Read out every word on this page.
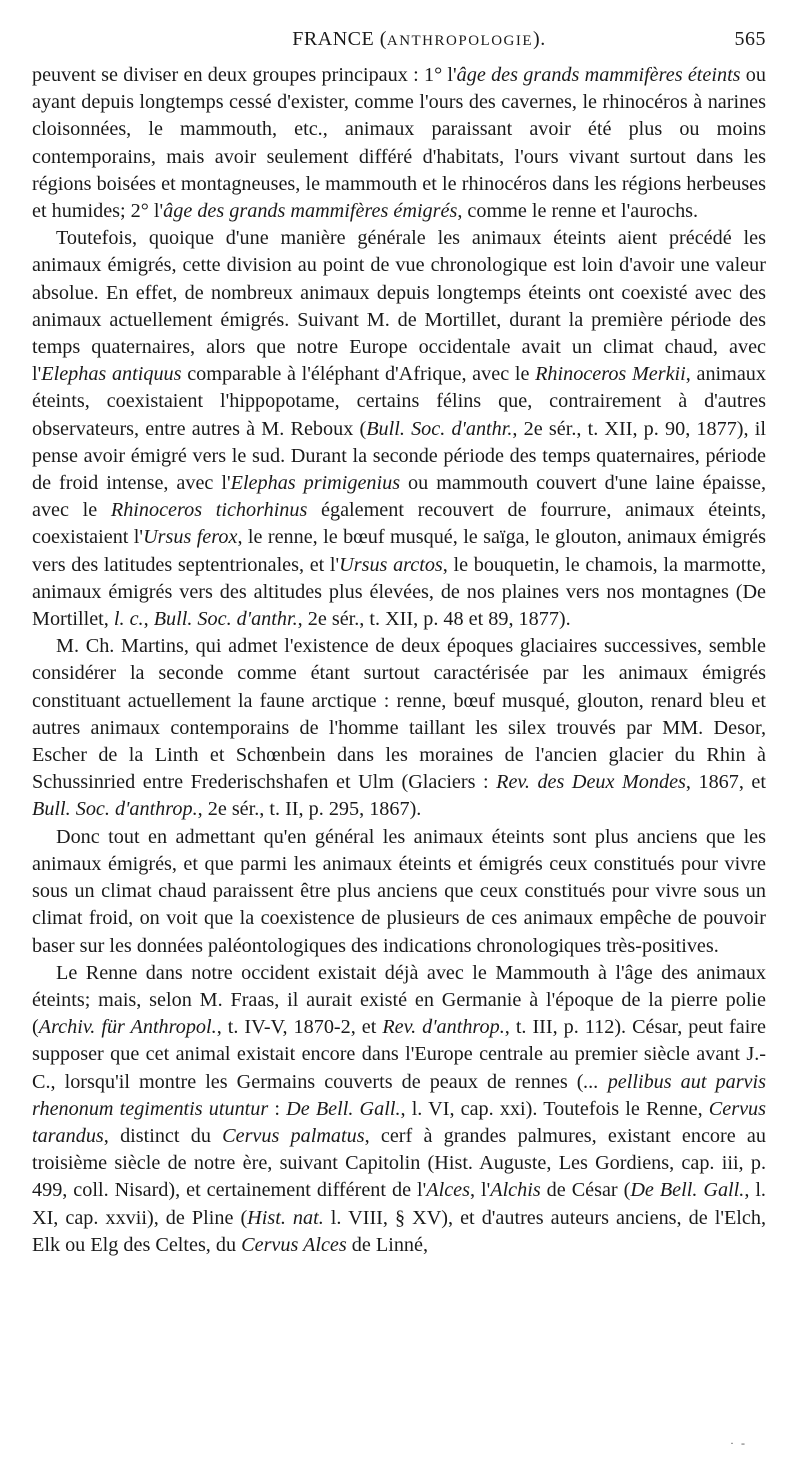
FRANCE (ANTHROPOLOGIE).	565

peuvent se diviser en deux groupes principaux : 1° l'âge des grands mammifères éteints ou ayant depuis longtemps cessé d'exister, comme l'ours des cavernes, le rhinocéros à narines cloisonnées, le mammouth, etc., animaux paraissant avoir été plus ou moins contemporains, mais avoir seulement différé d'habitats, l'ours vivant surtout dans les régions boisées et montagneuses, le mammouth et le rhinocéros dans les régions herbeuses et humides; 2° l'âge des grands mammifères émigrés, comme le renne et l'aurochs.

Toutefois, quoique d'une manière générale les animaux éteints aient précédé les animaux émigrés, cette division au point de vue chronologique est loin d'avoir une valeur absolue. En effet, de nombreux animaux depuis longtemps éteints ont coexisté avec des animaux actuellement émigrés. Suivant M. de Mortillet, durant la première période des temps quaternaires, alors que notre Europe occidentale avait un climat chaud, avec l'Elephas antiquus comparable à l'éléphant d'Afrique, avec le Rhinoceros Merkii, animaux éteints, coexistaient l'hippopotame, certains félins que, contrairement à d'autres observateurs, entre autres à M. Reboux (Bull. Soc. d'anthr., 2e sér., t. XII, p. 90, 1877), il pense avoir émigré vers le sud. Durant la seconde période des temps quaternaires, période de froid intense, avec l'Elephas primigenius ou mammouth couvert d'une laine épaisse, avec le Rhinoceros tichorhinus également recouvert de fourrure, animaux éteints, coexistaient l'Ursus ferox, le renne, le bœuf musqué, le saïga, le glouton, animaux émigrés vers des latitudes septentrionales, et l'Ursus arctos, le bouquetin, le chamois, la marmotte, animaux émigrés vers des altitudes plus élevées, de nos plaines vers nos montagnes (De Mortillet, l. c., Bull. Soc. d'anthr., 2e sér., t. XII, p. 48 et 89, 1877).

M. Ch. Martins, qui admet l'existence de deux époques glaciaires successives, semble considérer la seconde comme étant surtout caractérisée par les animaux émigrés constituant actuellement la faune arctique : renne, bœuf musqué, glouton, renard bleu et autres animaux contemporains de l'homme taillant les silex trouvés par MM. Desor, Escher de la Linth et Schœnbein dans les moraines de l'ancien glacier du Rhin à Schussinried entre Frederischshafen et Ulm (Glaciers : Rev. des Deux Mondes, 1867, et Bull. Soc. d'anthrop., 2e sér., t. II, p. 295, 1867).

Donc tout en admettant qu'en général les animaux éteints sont plus anciens que les animaux émigrés, et que parmi les animaux éteints et émigrés ceux constitués pour vivre sous un climat chaud paraissent être plus anciens que ceux constitués pour vivre sous un climat froid, on voit que la coexistence de plusieurs de ces animaux empêche de pouvoir baser sur les données paléontologiques des indications chronologiques très-positives.

Le Renne dans notre occident existait déjà avec le Mammouth à l'âge des animaux éteints; mais, selon M. Fraas, il aurait existé en Germanie à l'époque de la pierre polie (Archiv. für Anthropol., t. IV-V, 1870-2, et Rev. d'anthrop., t. III, p. 112). César, peut faire supposer que cet animal existait encore dans l'Europe centrale au premier siècle avant J.-C., lorsqu'il montre les Germains couverts de peaux de rennes (... pellibus aut parvis rhenonum tegimentis utuntur : De Bell. Gall., l. VI, cap. xxi). Toutefois le Renne, Cervus tarandus, distinct du Cervus palmatus, cerf à grandes palmures, existant encore au troisième siècle de notre ère, suivant Capitolin (Hist. Auguste, Les Gordiens, cap. iii, p. 499, coll. Nisard), et certainement différent de l'Alces, l'Alchis de César (De Bell. Gall., l. XI, cap. xxvii), de Pline (Hist. nat. l. VIII, § XV), et d'autres auteurs anciens, de l'Elch, Elk ou Elg des Celtes, du Cervus Alces de Linné,

· -
